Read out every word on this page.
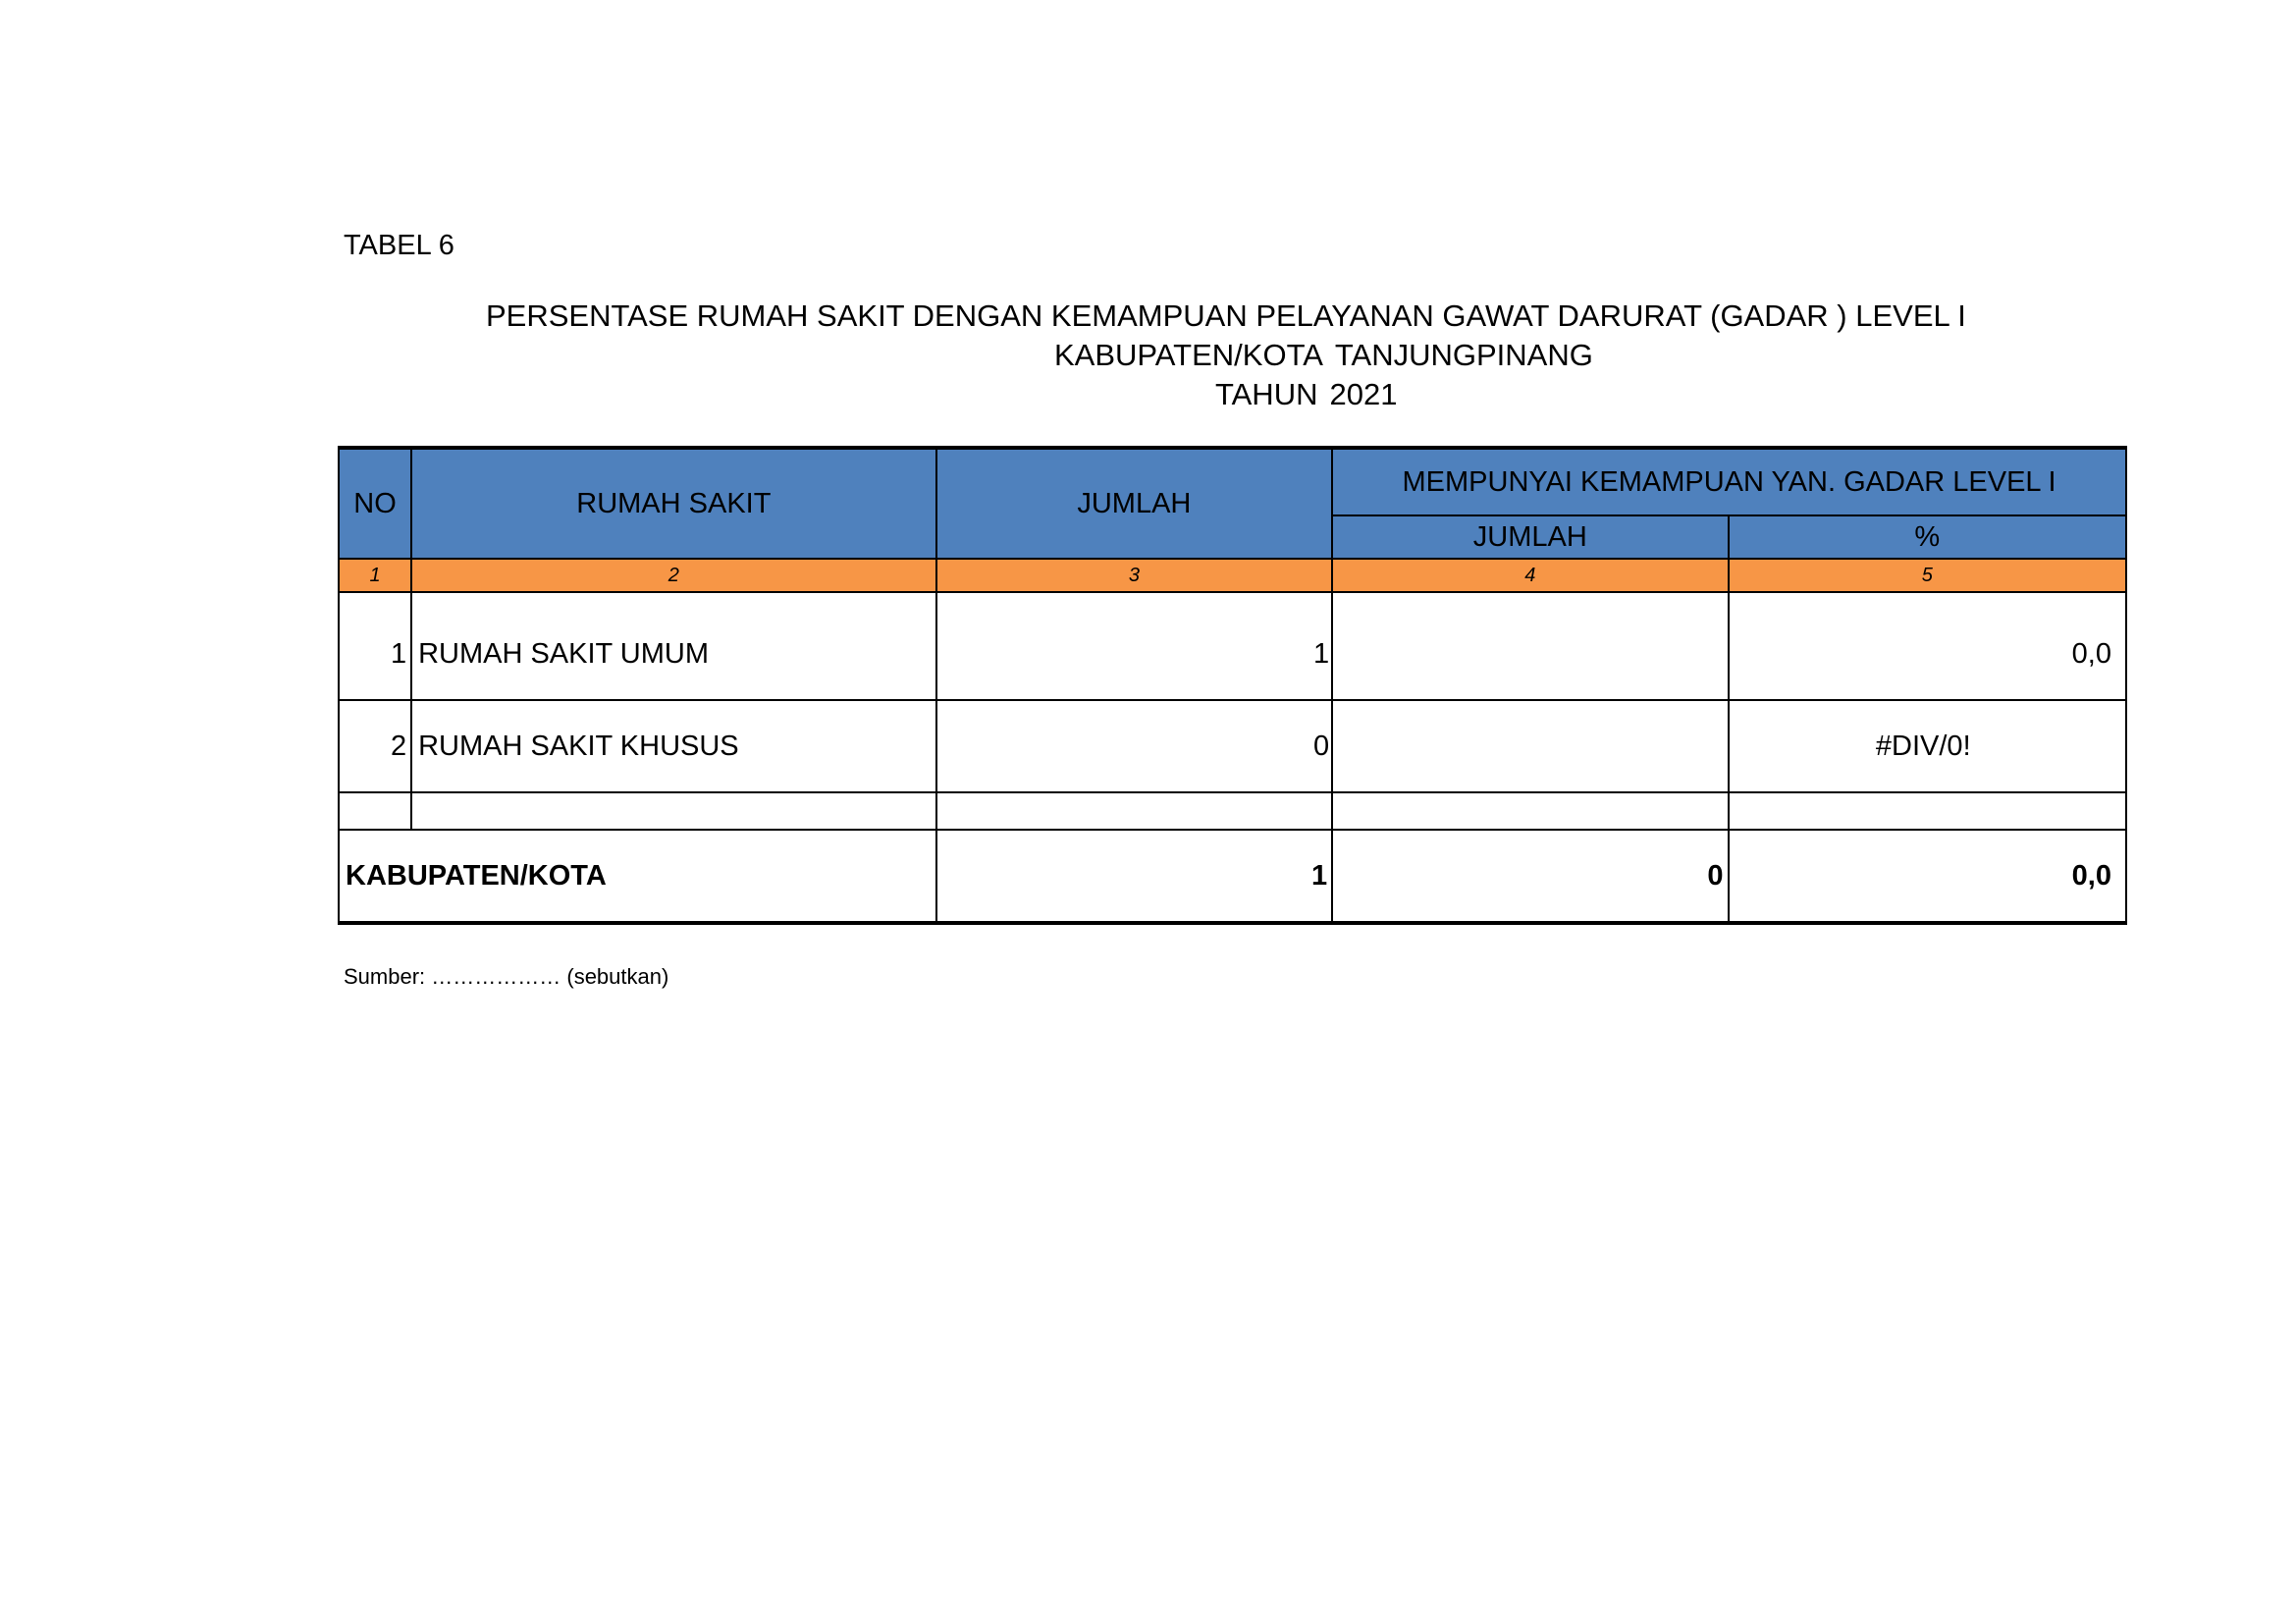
TABEL 6
PERSENTASE RUMAH SAKIT DENGAN KEMAMPUAN PELAYANAN GAWAT DARURAT (GADAR ) LEVEL I
KABUPATEN/KOTA TANJUNGPINANG
TAHUN 2021
NO	RUMAH SAKIT	JUMLAH	MEMPUNYAI KEMAMPUAN YAN. GADAR LEVEL I	
			JUMLAH	%
1	2	3	4	5
1	RUMAH SAKIT UMUM	1		0,0
2	RUMAH SAKIT KHUSUS	0		#DIV/0!

KABUPATEN/KOTA		1	0	0,0
Sumber: ……………… (sebutkan)
